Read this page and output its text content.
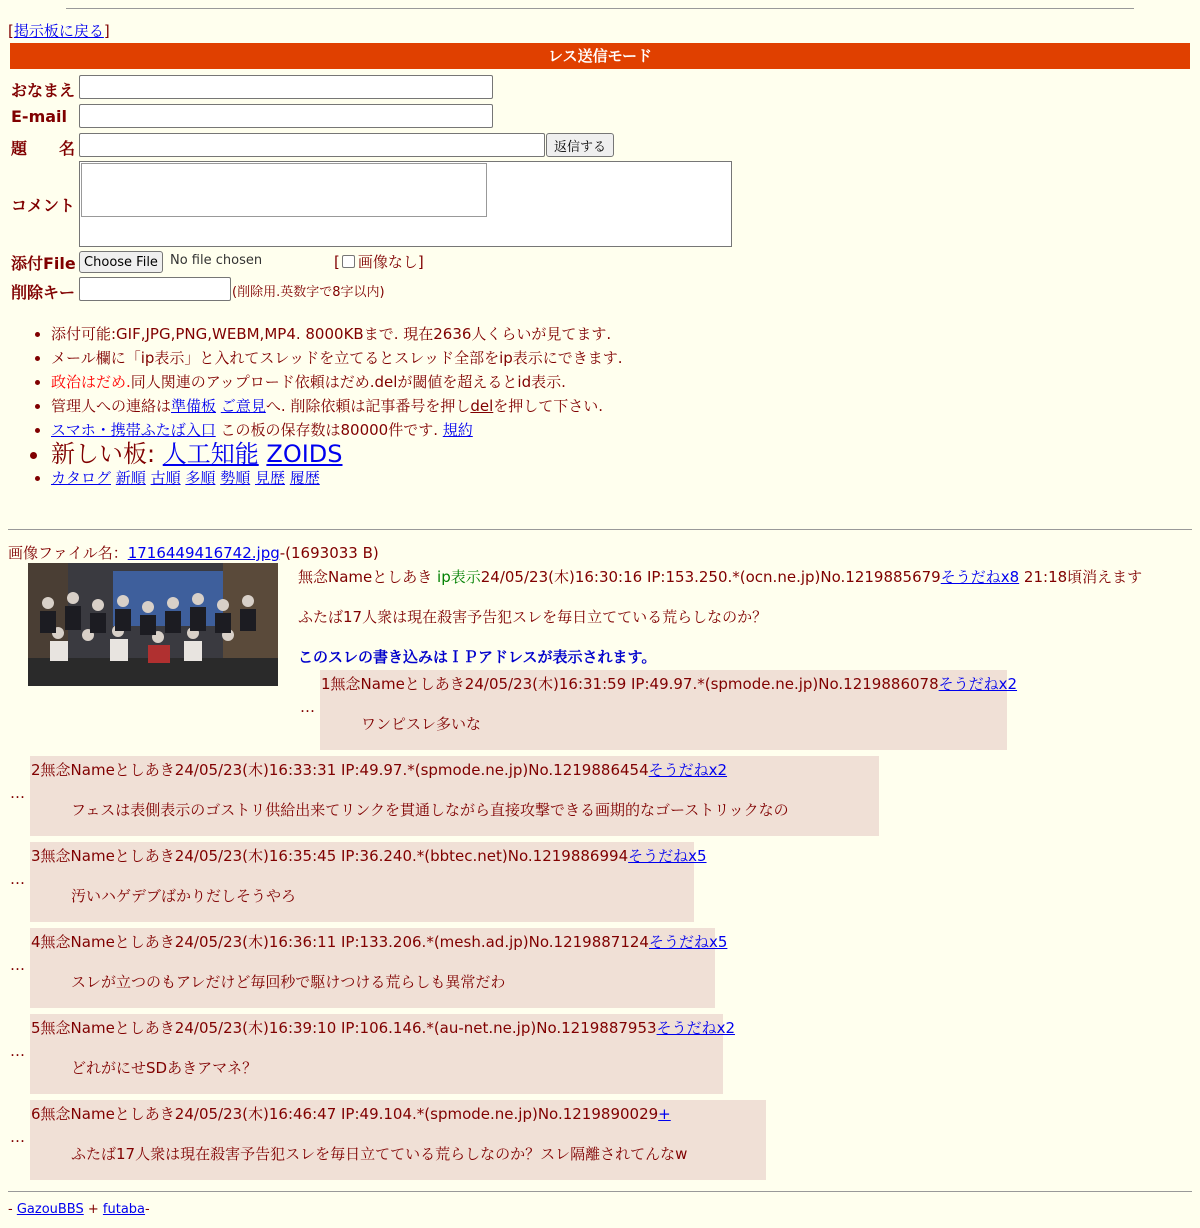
[掲示板に戻る]
レス送信モード
おなまえ
E-mail
題　　名	返信する
コメント
添付File Choose File No file chosen	[ 画像なし]
削除キー	(削除用.英数字で8字以内)
• 添付可能:GIF,JPG,PNG,WEBM,MP4. 8000KBまで. 現在2636人くらいが見てます.
• メール欄に「ip表示」と入れてスレッドを立てるとスレッド全部をip表示にできます.
• 政治はだめ.同人関連のアップロード依頼はだめ.delが閾値を超えるとid表示.
• 管理人への連絡は準備板 ご意見へ. 削除依頼は記事番号を押しdelを押して下さい.
• スマホ・携帯ふたば入口 この板の保存数は80000件です. 規約
• 新しい板: 人工知能 ZOIDS
• カタログ 新順 古順 多順 勢順 見歴 履歴
画像ファイル名：1716449416742.jpg-(1693033 B)
無念Nameとしあき ip表示24/05/23(木)16:30:16 IP:153.250.*(ocn.ne.jp)No.1219885679そうだねx8 21:18頃消えます
ふたば17人衆は現在殺害予告犯スレを毎日立てている荒らしなのか？
このスレの書き込みはＩＰアドレスが表示されます。
…
1無念Nameとしあき24/05/23(木)16:31:59 IP:49.97.*(spmode.ne.jp)No.1219886078そうだねx2
ワンピスレ多いな
…
2無念Nameとしあき24/05/23(木)16:33:31 IP:49.97.*(spmode.ne.jp)No.1219886454そうだねx2
フェスは表側表示のゴストリ供給出来てリンクを貫通しながら直接攻撃できる画期的なゴーストリックなの
…
3無念Nameとしあき24/05/23(木)16:35:45 IP:36.240.*(bbtec.net)No.1219886994そうだねx5
汚いハゲデブばかりだしそうやろ
…
4無念Nameとしあき24/05/23(木)16:36:11 IP:133.206.*(mesh.ad.jp)No.1219887124そうだねx5
スレが立つのもアレだけど毎回秒で駆けつける荒らしも異常だわ
…
5無念Nameとしあき24/05/23(木)16:39:10 IP:106.146.*(au-net.ne.jp)No.1219887953そうだねx2
どれがにせSDあきアマネ？
…
6無念Nameとしあき24/05/23(木)16:46:47 IP:49.104.*(spmode.ne.jp)No.1219890029+
ふたば17人衆は現在殺害予告犯スレを毎日立てている荒らしなのか？スレ隔離されてんなw
- GazouBBS + futaba-
